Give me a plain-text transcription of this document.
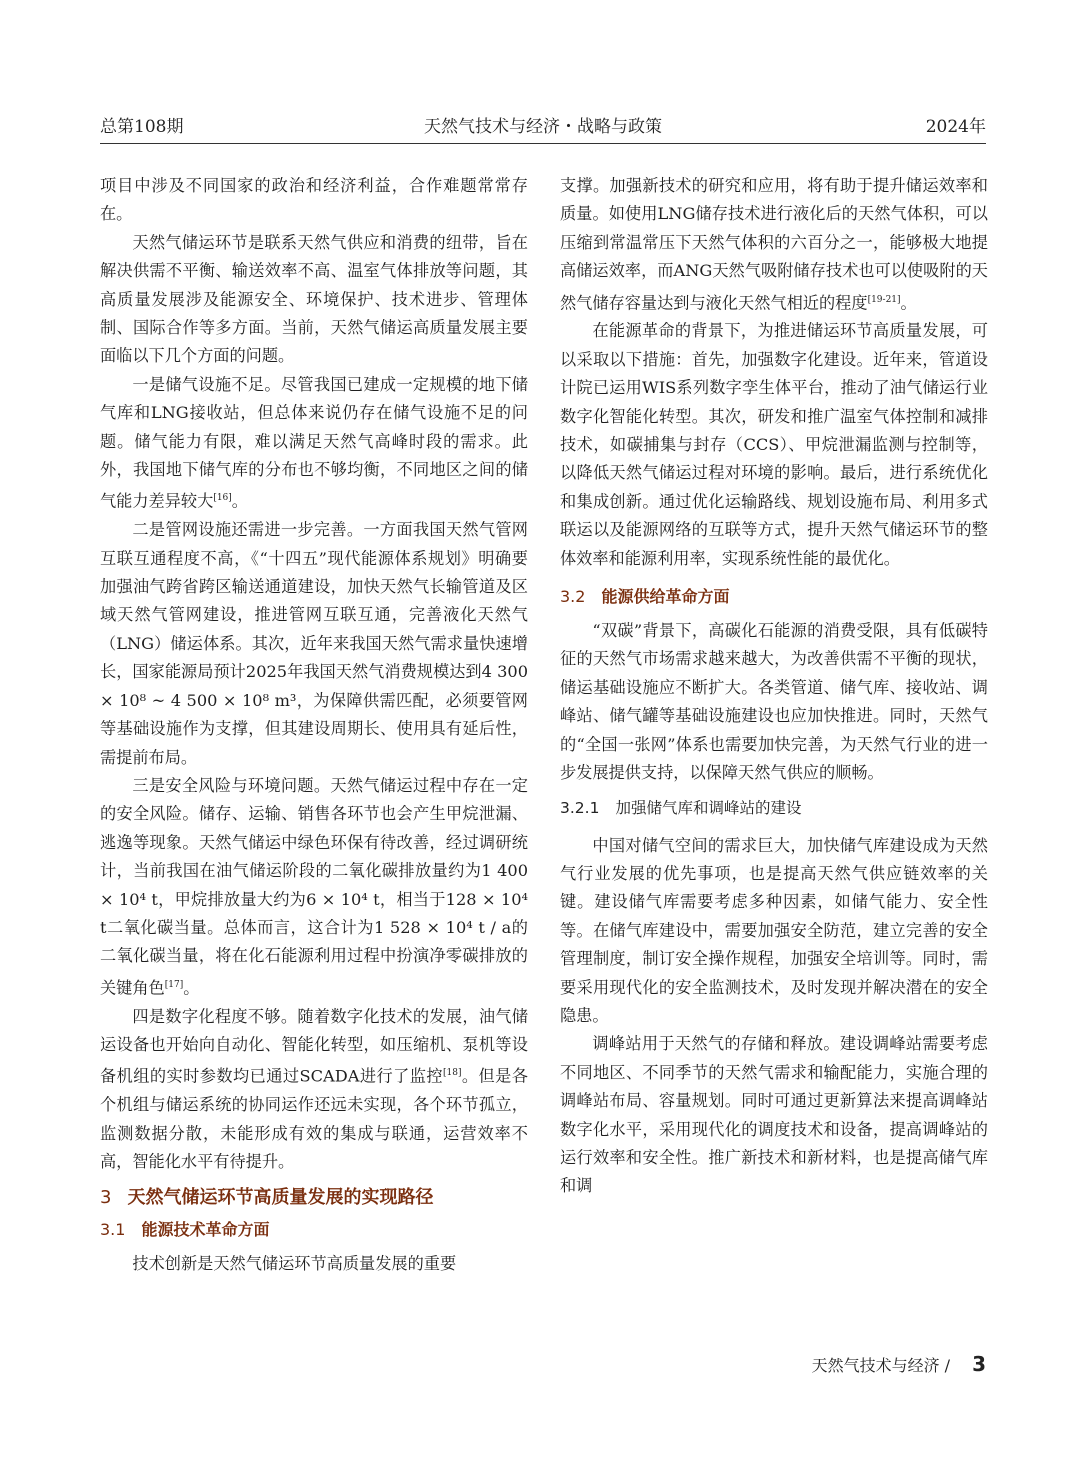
总第108期	天然气技术与经济・战略与政策	2024年

项目中涉及不同国家的政治和经济利益，合作难题常常存在。

天然气储运环节是联系天然气供应和消费的纽带，旨在解决供需不平衡、输送效率不高、温室气体排放等问题，其高质量发展涉及能源安全、环境保护、技术进步、管理体制、国际合作等多方面。当前，天然气储运高质量发展主要面临以下几个方面的问题。

一是储气设施不足。尽管我国已建成一定规模的地下储气库和LNG接收站，但总体来说仍存在储气设施不足的问题。储气能力有限，难以满足天然气高峰时段的需求。此外，我国地下储气库的分布也不够均衡，不同地区之间的储气能力差异较大[16]。

二是管网设施还需进一步完善。一方面我国天然气管网互联互通程度不高，《“十四五”现代能源体系规划》明确要加强油气跨省跨区输送通道建设，加快天然气长输管道及区域天然气管网建设，推进管网互联互通，完善液化天然气（LNG）储运体系。其次，近年来我国天然气需求量快速增长，国家能源局预计2025年我国天然气消费规模达到4 300 × 10⁸ ~ 4 500 × 10⁸ m³，为保障供需匹配，必须要管网等基础设施作为支撑，但其建设周期长、使用具有延后性，需提前布局。

三是安全风险与环境问题。天然气储运过程中存在一定的安全风险。储存、运输、销售各环节也会产生甲烷泄漏、逃逸等现象。天然气储运中绿色环保有待改善，经过调研统计，当前我国在油气储运阶段的二氧化碳排放量约为1 400 × 10⁴ t，甲烷排放量大约为6 × 10⁴ t，相当于128 × 10⁴ t二氧化碳当量。总体而言，这合计为1 528 × 10⁴ t / a的二氧化碳当量，将在化石能源利用过程中扮演净零碳排放的关键角色[17]。

四是数字化程度不够。随着数字化技术的发展，油气储运设备也开始向自动化、智能化转型，如压缩机、泵机等设备机组的实时参数均已通过SCADA进行了监控[18]。但是各个机组与储运系统的协同运作还远未实现，各个环节孤立，监测数据分散，未能形成有效的集成与联通，运营效率不高，智能化水平有待提升。

3 天然气储运环节高质量发展的实现路径
3.1 能源技术革命方面

技术创新是天然气储运环节高质量发展的重要

支撑。加强新技术的研究和应用，将有助于提升储运效率和质量。如使用LNG储存技术进行液化后的天然气体积，可以压缩到常温常压下天然气体积的六百分之一，能够极大地提高储运效率，而ANG天然气吸附储存技术也可以使吸附的天然气储存容量达到与液化天然气相近的程度[19-21]。

在能源革命的背景下，为推进储运环节高质量发展，可以采取以下措施：首先，加强数字化建设。近年来，管道设计院已运用WIS系列数字孪生体平台，推动了油气储运行业数字化智能化转型。其次，研发和推广温室气体控制和减排技术，如碳捕集与封存（CCS）、甲烷泄漏监测与控制等，以降低天然气储运过程对环境的影响。最后，进行系统优化和集成创新。通过优化运输路线、规划设施布局、利用多式联运以及能源网络的互联等方式，提升天然气储运环节的整体效率和能源利用率，实现系统性能的最优化。

3.2 能源供给革命方面

“双碳”背景下，高碳化石能源的消费受限，具有低碳特征的天然气市场需求越来越大，为改善供需不平衡的现状，储运基础设施应不断扩大。各类管道、储气库、接收站、调峰站、储气罐等基础设施建设也应加快推进。同时，天然气的“全国一张网”体系也需要加快完善，为天然气行业的进一步发展提供支持，以保障天然气供应的顺畅。

3.2.1 加强储气库和调峰站的建设

中国对储气空间的需求巨大，加快储气库建设成为天然气行业发展的优先事项，也是提高天然气供应链效率的关键。建设储气库需要考虑多种因素，如储气能力、安全性等。在储气库建设中，需要加强安全防范，建立完善的安全管理制度，制订安全操作规程，加强安全培训等。同时，需要采用现代化的安全监测技术，及时发现并解决潜在的安全隐患。

调峰站用于天然气的存储和释放。建设调峰站需要考虑不同地区、不同季节的天然气需求和输配能力，实施合理的调峰站布局、容量规划。同时可通过更新算法来提高调峰站数字化水平，采用现代化的调度技术和设备，提高调峰站的运行效率和安全性。推广新技术和新材料，也是提高储气库和调

天然气技术与经济 / 3
